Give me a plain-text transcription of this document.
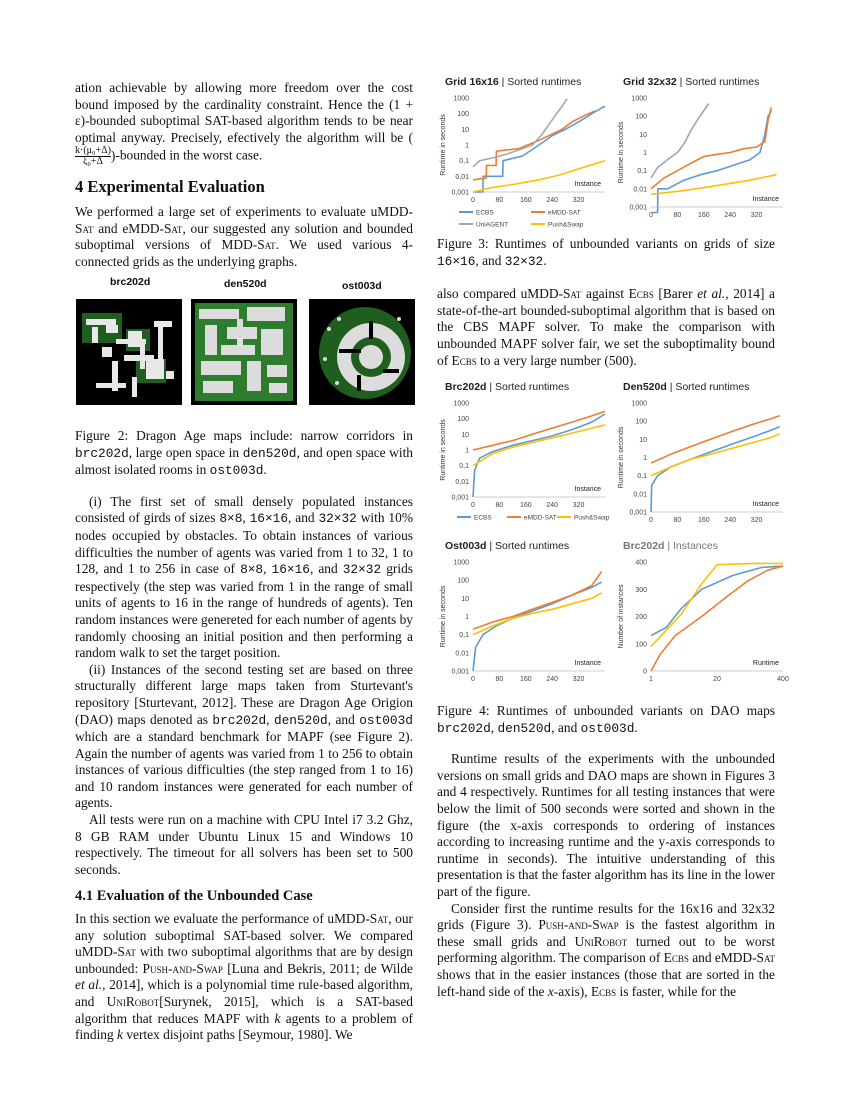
ation achievable by allowing more freedom over the cost bound imposed by the cardinality constraint. Hence the (1 + ε)-bounded suboptimal SAT-based algorithm tends to be near optimal anyway. Precisely, efectively the algorithm will be (
$\frac{\text{k·(μ₀+Δ)}}{\text{ξ₀+Δ}}$ )-bounded in the worst case.

4 Experimental Evaluation

We performed a large set of experiments to evaluate uMDD-Sat and eMDD-Sat, our suggested any solution and bounded suboptimal versions of MDD-Sat. We used various 4-connected grids as the underlying graphs.

brc202d	den520d	ost003d

Figure 2: Dragon Age maps include: narrow corridors in brc202d, large open space in den520d, and open space with almost isolated rooms in ost003d.

(i) The first set of small densely populated instances consisted of girds of sizes 8×8, 16×16, and 32×32 with 10% nodes occupied by obstacles. To obtain instances of various difficulties the number of agents was varied from 1 to 32, 1 to 128, and 1 to 256 in case of 8×8, 16×16, and 32×32 grids respectively (the step was varied from 1 in the range of small units of agents to 16 in the range of hundreds of agents). Ten random instances were genereted for each number of agents by randomly choosing an initial position and then performing a random walk to set the target position.

(ii) Instances of the second testing set are based on three structurally different large maps taken from Sturtevant's repository [Sturtevant, 2012]. These are Dragon Age Origion (DAO) maps denoted as brc202d, den520d, and ost003d which are a standard benchmark for MAPF (see Figure 2). Again the number of agents was varied from 1 to 256 to obtain instances of various difficulties (the step ranged from 1 to 16) and 10 random instances were generated for each number of agents.

All tests were run on a machine with CPU Intel i7 3.2 Ghz, 8 GB RAM under Ubuntu Linux 15 and Windows 10 respectively. The timeout for all solvers has been set to 500 seconds.

4.1 Evaluation of the Unbounded Case

In this section we evaluate the performance of uMDD-Sat, our any solution suboptimal SAT-based solver. We compared uMDD-Sat with two suboptimal algorithms that are by design unbounded: Push-and-Swap [Luna and Bekris, 2011; de Wilde et al., 2014], which is a polynomial time rule-based algorithm, and UniRobot[Surynek, 2015], which is a SAT-based algorithm that reduces MAPF with k agents to a problem of finding k vertex disjoint paths [Seymour, 1980]. We

Grid 16x16 | Sorted runtimes
Runtime in seconds
1000
100
10
1
0,1
0,01
0,001
0	80 160 240 320
Instance
ECBS	eMDD-SAT
UniAGENT	Push&Swap
Grid 32x32 | Sorted runtimes
Runtime in seconds
1000
100
10
1
0,1
0,01
0,001
0	80 160 240 320
Instance

Figure 3: Runtimes of unbounded variants on grids of size 16×16, and 32×32.

also compared uMDD-Sat against Ecbs [Barer et al., 2014] a state-of-the-art bounded-suboptimal algorithm that is based on the CBS MAPF solver. To make the comparison with unbounded MAPF solver fair, we set the suboptimality bound of Ecbs to a very large number (500).

Brc202d | Sorted runtimes
Runtime in seconds
1000
100
10
1
0,1
0,01
0,001
0	80 160 240 320
Instance
ECBS	eMDD-SAT	Push&Swap
Den520d | Sorted runtimes
Runtime in seconds
1000
100
10
1
0,1
0,01
0,001
0	80 160 240 320
Instance
Ost003d | Sorted runtimes
Runtime in seconds
1000
100
10
1
0,1
0,01
0,001
0	80 160 240 320
Instance
Brc202d | Instances
Number of instances
400
300
200
100
0
1	20	400
Runtime

Figure 4: Runtimes of unbounded variants on DAO maps brc202d, den520d, and ost003d.

Runtime results of the experiments with the unbounded versions on small grids and DAO maps are shown in Figures 3 and 4 respectively. Runtimes for all testing instances that were below the limit of 500 seconds were sorted and shown in the figure (the x-axis corresponds to ordering of instances according to increasing runtime and the y-axis corresponds to runtime in seconds). The intuitive understanding of this presentation is that the faster algorithm has its line in the lower part of the figure.

Consider first the runtime results for the 16x16 and 32x32 grids (Figure 3). Push-and-Swap is the fastest algorithm in these small grids and UniRobot turned out to be worst performing algorithm. The comparison of Ecbs and eMDD-Sat shows that in the easier instances (those that are sorted in the left-hand side of the x-axis), Ecbs is faster, while for the
